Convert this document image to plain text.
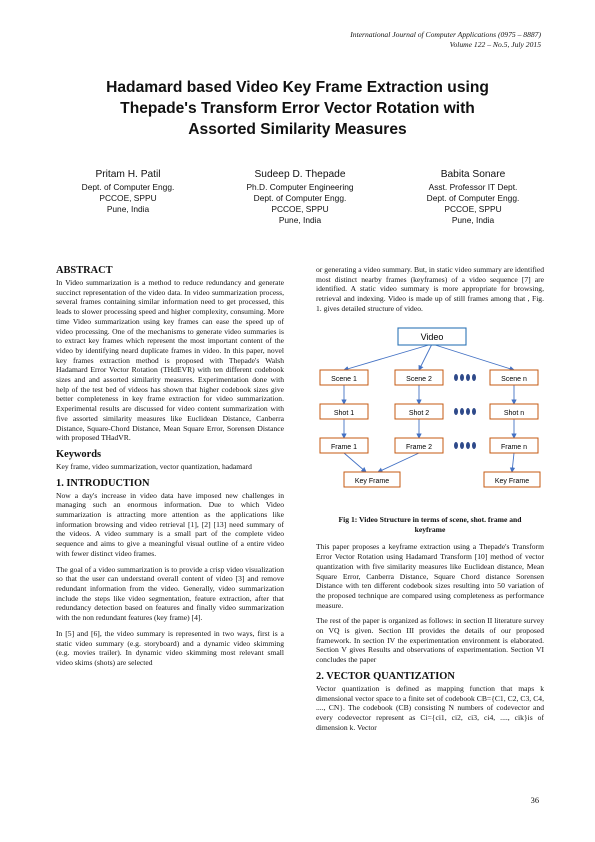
International Journal of Computer Applications (0975 – 8887)
Volume 122 – No.5, July 2015
Hadamard based Video Key Frame Extraction using
Thepade's Transform Error Vector Rotation with
Assorted Similarity Measures
Pritam H. Patil
Dept. of Computer Engg.
PCCOE, SPPU
Pune, India
Sudeep D. Thepade
Ph.D. Computer Engineering
Dept. of Computer Engg.
PCCOE, SPPU
Pune, India
Babita Sonare
Asst. Professor IT Dept.
Dept. of Computer Engg.
PCCOE, SPPU
Pune, India
ABSTRACT

In Video summarization is a method to reduce redundancy and generate succinct representation of the video data. In video summarization process, several frames containing similar information need to get processed, this leads to slower processing speed and higher complexity, consuming. More time Video summarization using key frames can ease the speed up of video processing. One of the mechanisms to generate video summaries is to extract key frames which represent the most important content of the video by identifying neard duplicate frames in video. In this paper, novel key frames extraction method is proposed with Thepade's Walsh Hadamard Error Vector Rotation (THdEVR) with ten different codebook sizes and and assorted similarity measures. Experimentation done with help of the test bed of videos has shown that higher codebook sizes give better completeness in key frame extraction for video summarization. Experimental results are discussed for video content summarization with five assorted similarity measures like Euclidean Distance, Canberra Distance, Square-Chord Distance, Mean Square Error, Sorensen Distance with proposed THadVR.

Keywords

Key frame, video summarization, vector quantization, hadamard

1. INTRODUCTION

Now a day's increase in video data have imposed new challenges in managing such an enormous information. Due to which Video summarization is attracting more attention as the applications like information browsing and video retrieval [1], [2] [13] need summary of the videos. A video summary is a small part of the complete video sequence and aims to give a meaningful visual outline of a entire video with fewer distinct video frames.

The goal of a video summarization is to provide a crisp video visualization so that the user can understand overall content of video [3] and remove redundant information from the video. Generally, video summarization include the steps like video segmentation, feature extraction, after that redundancy detection based on features and finally video summarization with the non redundant features (key frame) [4].

In [5] and [6], the video summary is represented in two ways, first is a static video summary (e.g. storyboard) and a dynamic video skimming (e.g. movies trailer). In dynamic video skimming most relevant small video skims (shots) are selected

or generating a video summary. But, in static video summary are identified most distinct nearby frames (keyframes) of a video sequence [7] are identified. A static video summary is more appropriate for browsing, retrieval and indexing. Video is made up of still frames among that , Fig. 1. gives detailed structure of video.

Video
Scene 1	Scene 2	Scene n
Shot 1	Shot 2	Shot n
Frame 1	Frame 2	Frame n
Key Frame	Key Frame
Fig 1: Video Structure in terms of scene, shot. frame and keyframe

This paper proposes a keyframe extraction using a Thepade's Transform Error Vector Rotation using Hadamard Transform [10] method of vector quantization with five similarity measures like Euclidean distance, Mean Square Error, Canberra Distance, Square Chord distance Sorensen Distance with ten different codebook sizes resulting into 50 variation of the proposed technique are compared using completeness as performance measure.

The rest of the paper is organized as follows: in section II literature survey on VQ is given. Section III provides the details of our proposed framework. In section IV the experimentation environment is elaborated. Section V gives Results and observations of experimentation. Section VI concludes the paper

2. VECTOR QUANTIZATION

Vector quantization is defined as mapping function that maps k dimensional vector space to a finite set of codebook CB={C1, C2, C3, C4, ...., CN}. The codebook (CB) consisting N numbers of codevector and every codevector represent as Ci={ci1, ci2, ci3, ci4, ...., cik}is of dimension k. Vector

36
